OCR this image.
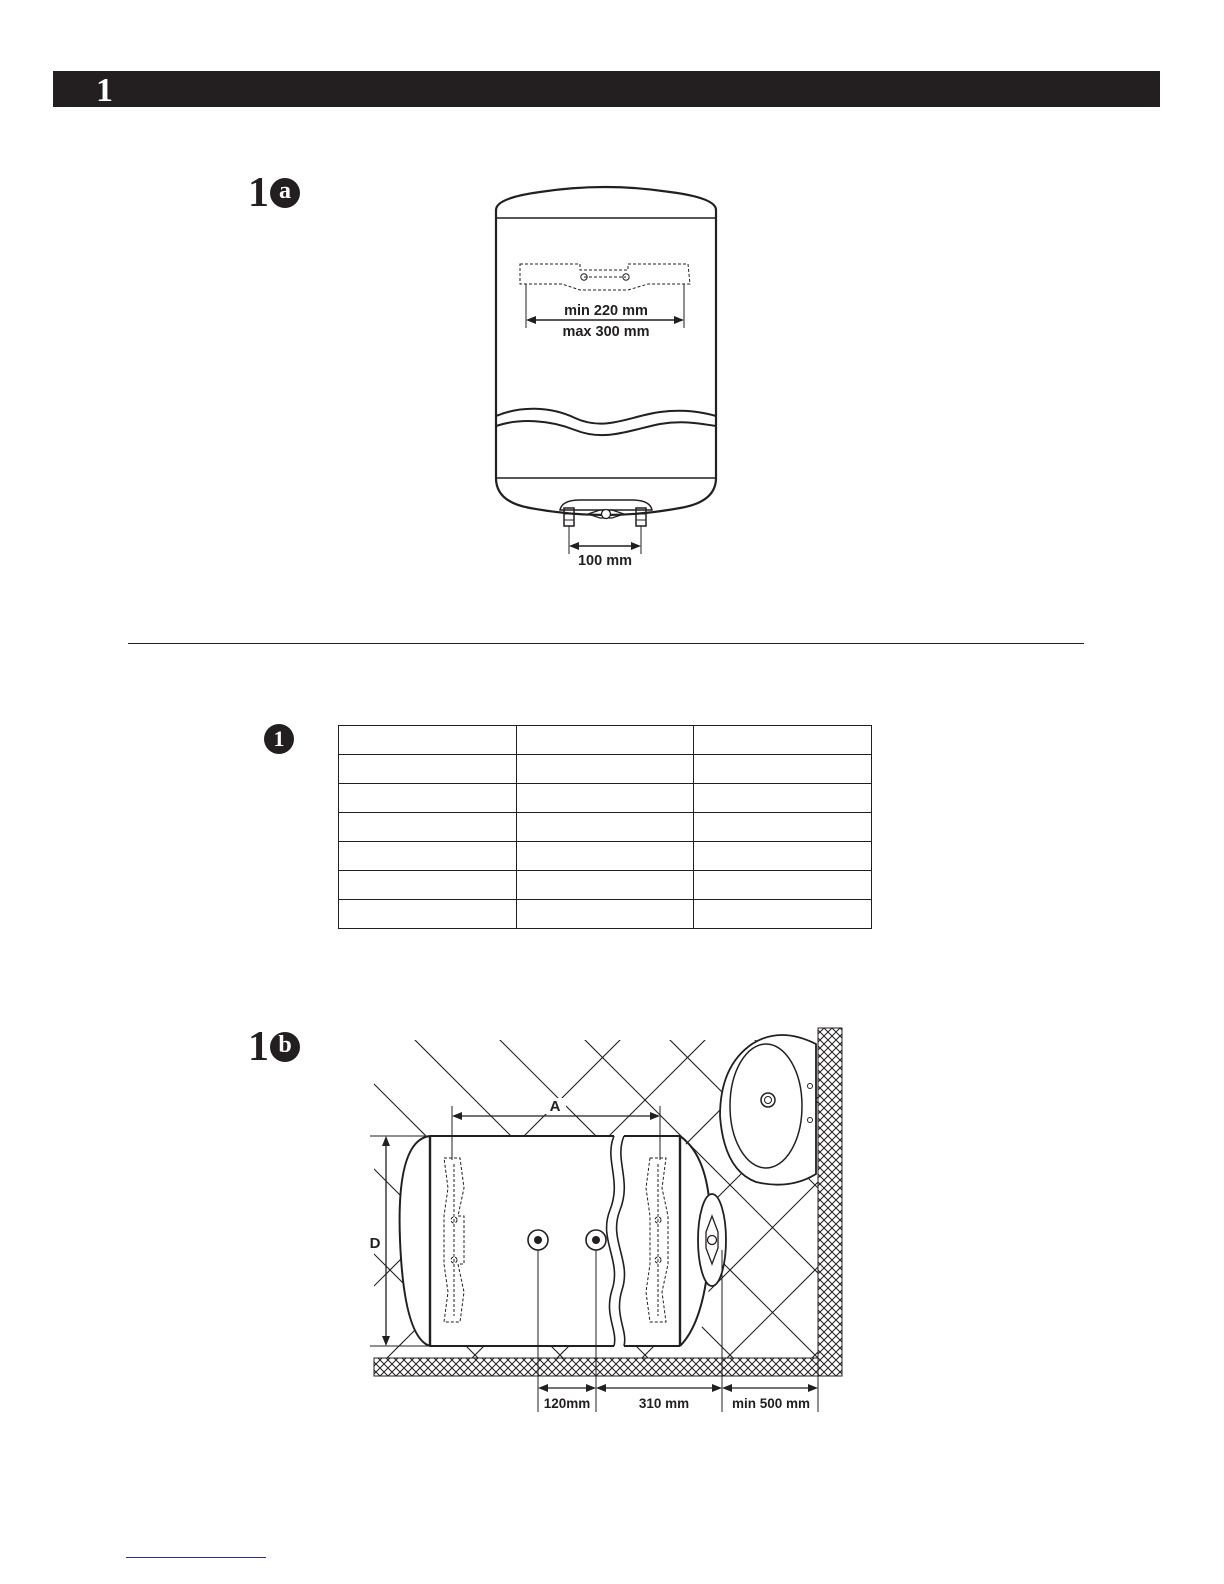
1
1 a
min 220 mm
max 300 mm
100 mm
1

1 b
A
D
120mm	310 mm	min 500 mm
